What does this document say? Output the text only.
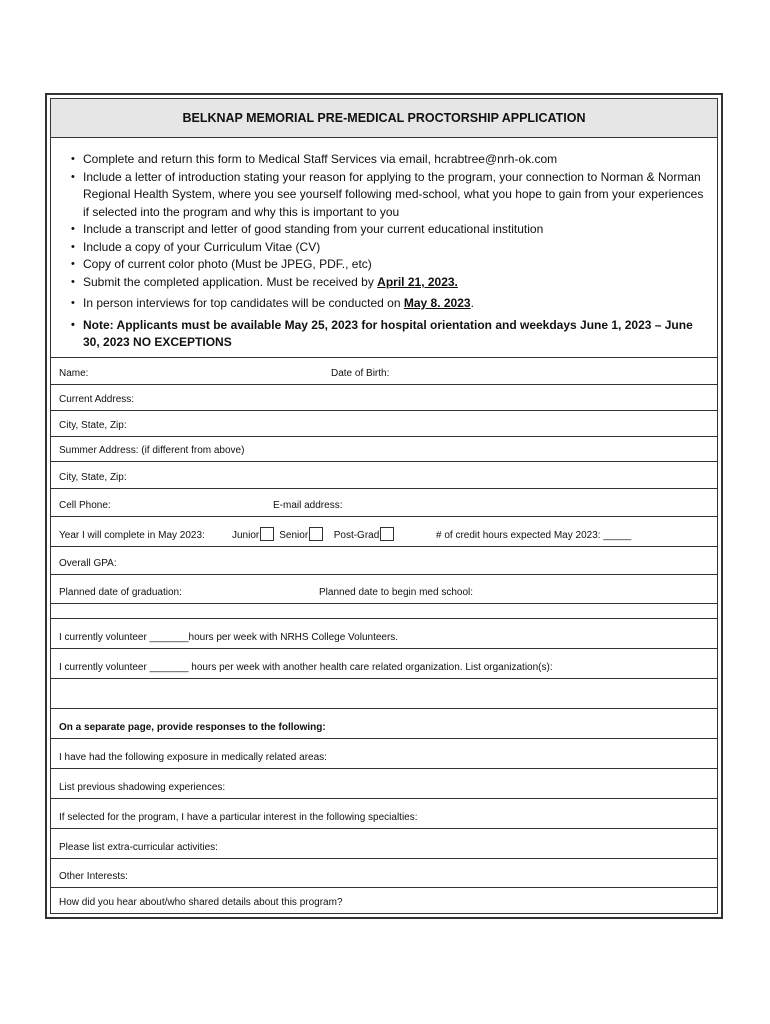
BELKNAP MEMORIAL PRE-MEDICAL PROCTORSHIP APPLICATION
• Complete and return this form to Medical Staff Services via email, hcrabtree@nrh-ok.com
• Include a letter of introduction stating your reason for applying to the program, your connection to Norman & Norman Regional Health System, where you see yourself following med-school, what you hope to gain from your experiences if selected into the program and why this is important to you
• Include a transcript and letter of good standing from your current educational institution
• Include a copy of your Curriculum Vitae (CV)
• Copy of current color photo (Must be JPEG, PDF., etc)
• Submit the completed application. Must be received by April 21, 2023.
• In person interviews for top candidates will be conducted on May 8. 2023.
• Note: Applicants must be available May 25, 2023 for hospital orientation and weekdays June 1, 2023 – June 30, 2023 NO EXCEPTIONS
Name:	Date of Birth:
Current Address:
City, State, Zip:
Summer Address: (if different from above)
City, State, Zip:
Cell Phone:	E-mail address:
Year I will complete in May 2023:	Junior Senior	Post-Grad	# of credit hours expected May 2023: _____
Overall GPA:
Planned date of graduation:	Planned date to begin med school:
I currently volunteer _______hours per week with NRHS College Volunteers.
I currently volunteer _______ hours per week with another health care related organization. List organization(s):
On a separate page, provide responses to the following:
I have had the following exposure in medically related areas:
List previous shadowing experiences:
If selected for the program, I have a particular interest in the following specialties:
Please list extra-curricular activities:
Other Interests:
How did you hear about/who shared details about this program?
